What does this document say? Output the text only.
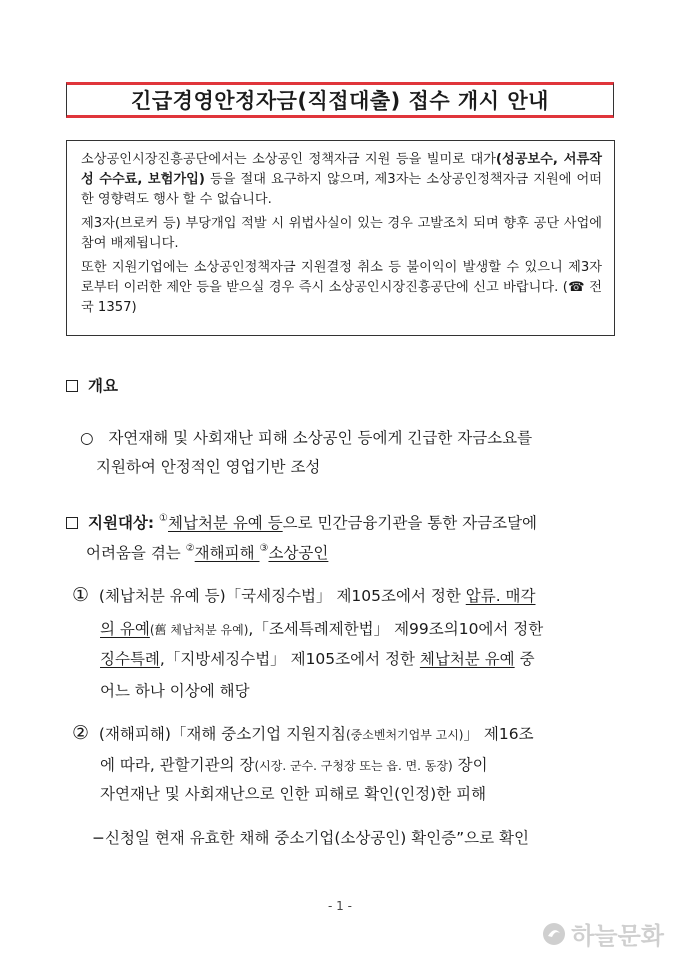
긴급경영안정자금(직접대출) 접수 개시 안내

소상공인시장진흥공단에서는 소상공인 정책자금 지원 등을 빌미로 대가(성공보수, 서류작성 수수료, 보험가입) 등을 절대 요구하지 않으며, 제3자는 소상공인정책자금 지원에 어떠한 영향력도 행사 할 수 없습니다.

제3자(브로커 등) 부당개입 적발 시 위법사실이 있는 경우 고발조치 되며 향후 공단 사업에 참여 배제됩니다.

또한 지원기업에는 소상공인정책자금 지원결정 취소 등 불이익이 발생할 수 있으니 제3자로부터 이러한 제안 등을 받으실 경우 즉시 소상공인시장진흥공단에 신고 바랍니다. (☎ 전국 1357)

개요
○ 자연재해 및 사회재난 피해 소상공인 등에게 긴급한 자금소요를
지원하여 안정적인 영업기반 조성
지원대상: ①체납처분 유예 등으로 민간금융기관을 통한 자금조달에
어려움을 겪는 ②재해피해 ③소상공인
① (체납처분 유예 등)「국세징수법」 제105조에서 정한 압류. 매각
의 유예(舊 체납처분 유예),「조세특례제한법」 제99조의10에서 정한
징수특례,「지방세징수법」 제105조에서 정한 체납처분 유예 중
어느 하나 이상에 해당
② (재해피해)「재해 중소기업 지원지침(중소벤처기업부 고시)」 제16조
에 따라, 관할기관의 장(시장. 군수. 구청장 또는 읍. 면. 동장) 장이
자연재난 및 사회재난으로 인한 피해로 확인(인정)한 피해
−신청일 현재 유효한 채해 중소기업(소상공인) 확인증”으로 확인
- 1 -
하늘문화
